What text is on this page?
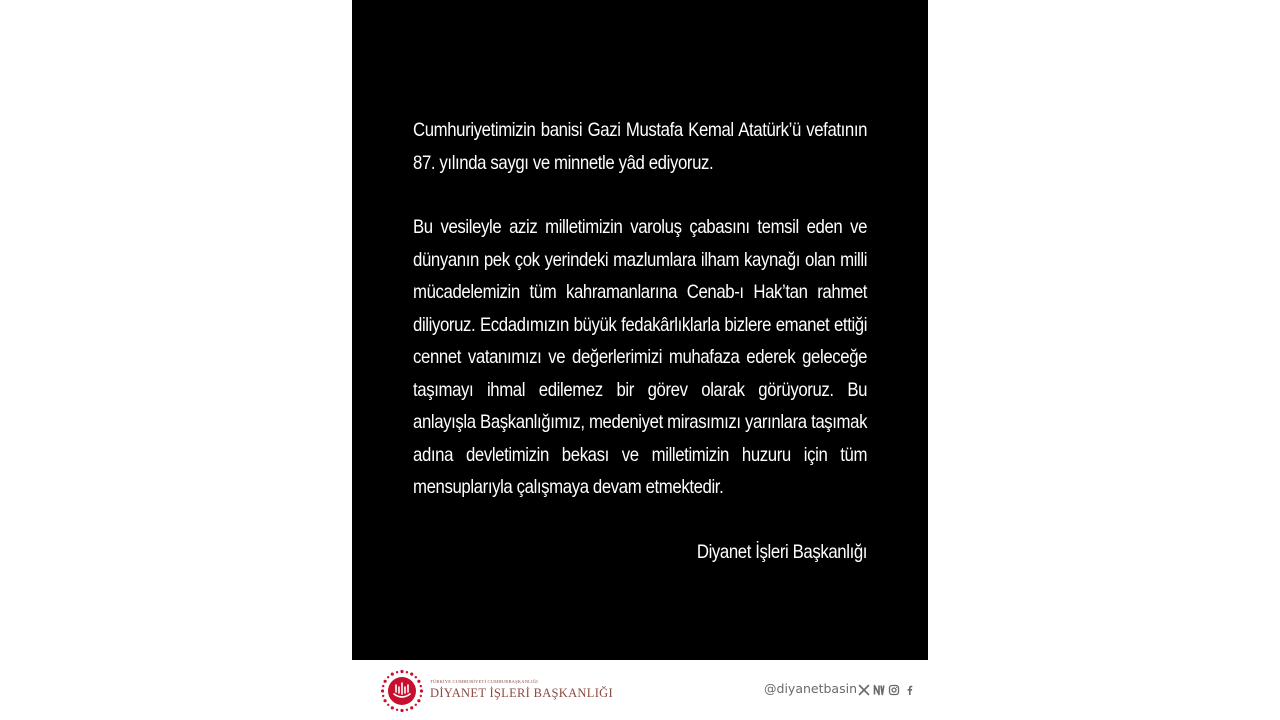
Cumhuriyetimizin banisi Gazi Mustafa Kemal Atatürk’ü vefatının 87. yılında saygı ve minnetle yâd ediyoruz.

Bu vesileyle aziz milletimizin varoluş çabasını temsil eden ve dünyanın pek çok yerindeki mazlumlara ilham kaynağı olan milli mücadelemizin tüm kahramanlarına Cenab-ı Hak’tan rahmet diliyoruz. Ecdadımızın büyük fedakârlıklarla bizlere emanet ettiği cennet vatanımızı ve değerlerimizi muhafaza ederek geleceğe taşımayı ihmal edilemez bir görev olarak görüyoruz. Bu anlayışla Başkanlığımız, medeniyet mirasımızı yarınlara taşımak adına devletimizin bekası ve milletimizin huzuru için tüm mensuplarıyla çalışmaya devam etmektedir.

Diyanet İşleri Başkanlığı

TÜRKİYE CUMHURİYETİ CUMHURBAŞKANLIĞI
DİYANET İŞLERİ BAŞKANLIĞI	@diyanetbasin
